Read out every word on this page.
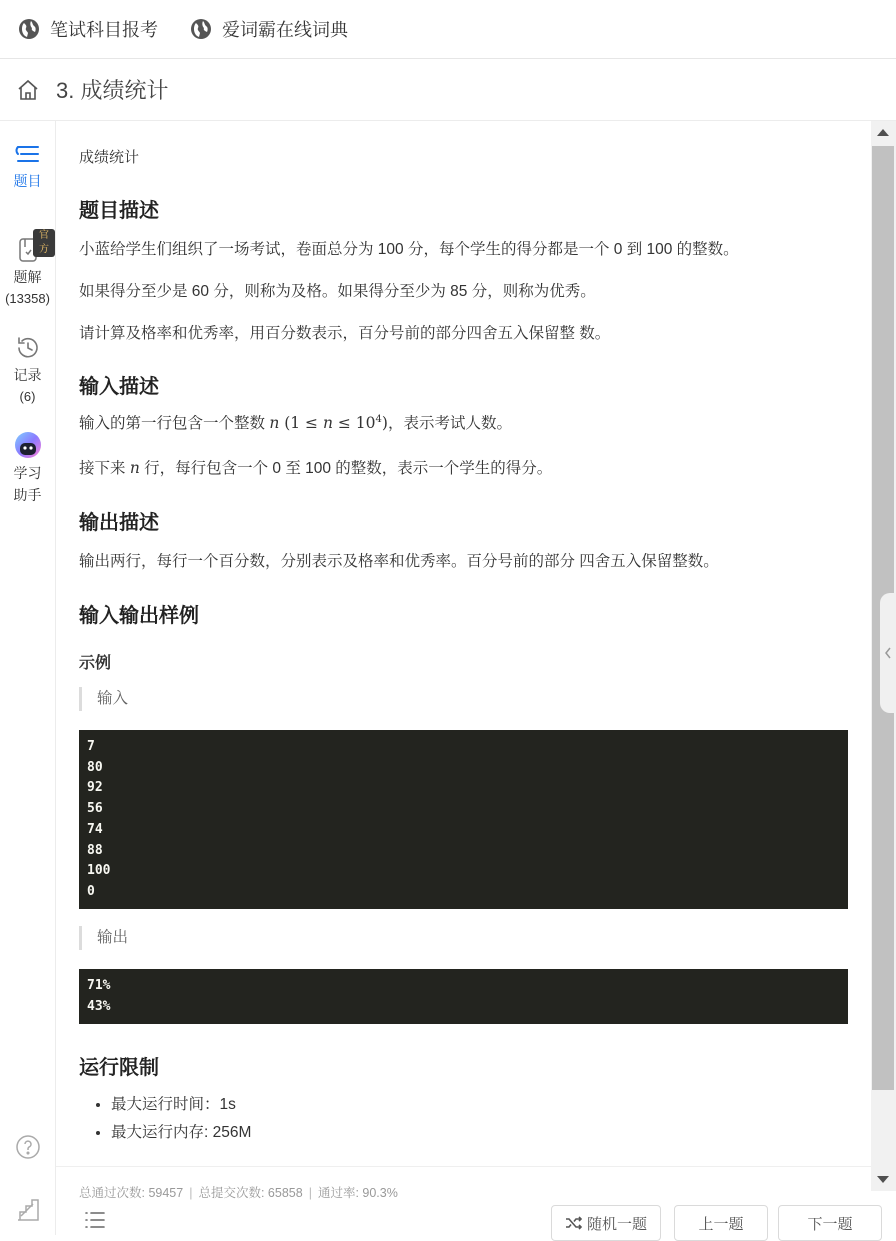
笔试科目报考	爱词霸在线词典
3. 成绩统计
题目
官方
题解
(13358)
记录
(6)
学习
助手
成绩统计
题目描述
小蓝给学生们组织了一场考试，卷面总分为 100 分，每个学生的得分都是一个 0 到 100 的整数。
如果得分至少是 60 分，则称为及格。如果得分至少为 85 分，则称为优秀。
请计算及格率和优秀率，用百分数表示，百分号前的部分四舍五入保留整 数。
输入描述
输入的第一行包含一个整数 n $(1 \le n \le 10^4)$，表示考试人数。
接下来 n 行，每行包含一个 0 至 100 的整数，表示一个学生的得分。
输出描述
输出两行，每行一个百分数，分别表示及格率和优秀率。百分号前的部分 四舍五入保留整数。
输入输出样例
示例
输入
7
80
92
56
74
88
100
0
输出
71%
43%
运行限制
• 最大运行时间：1s
• 最大运行内存: 256M
总通过次数: 59457 | 总提交次数: 65858 | 通过率: 90.3%
随机一题	上一题	下一题
